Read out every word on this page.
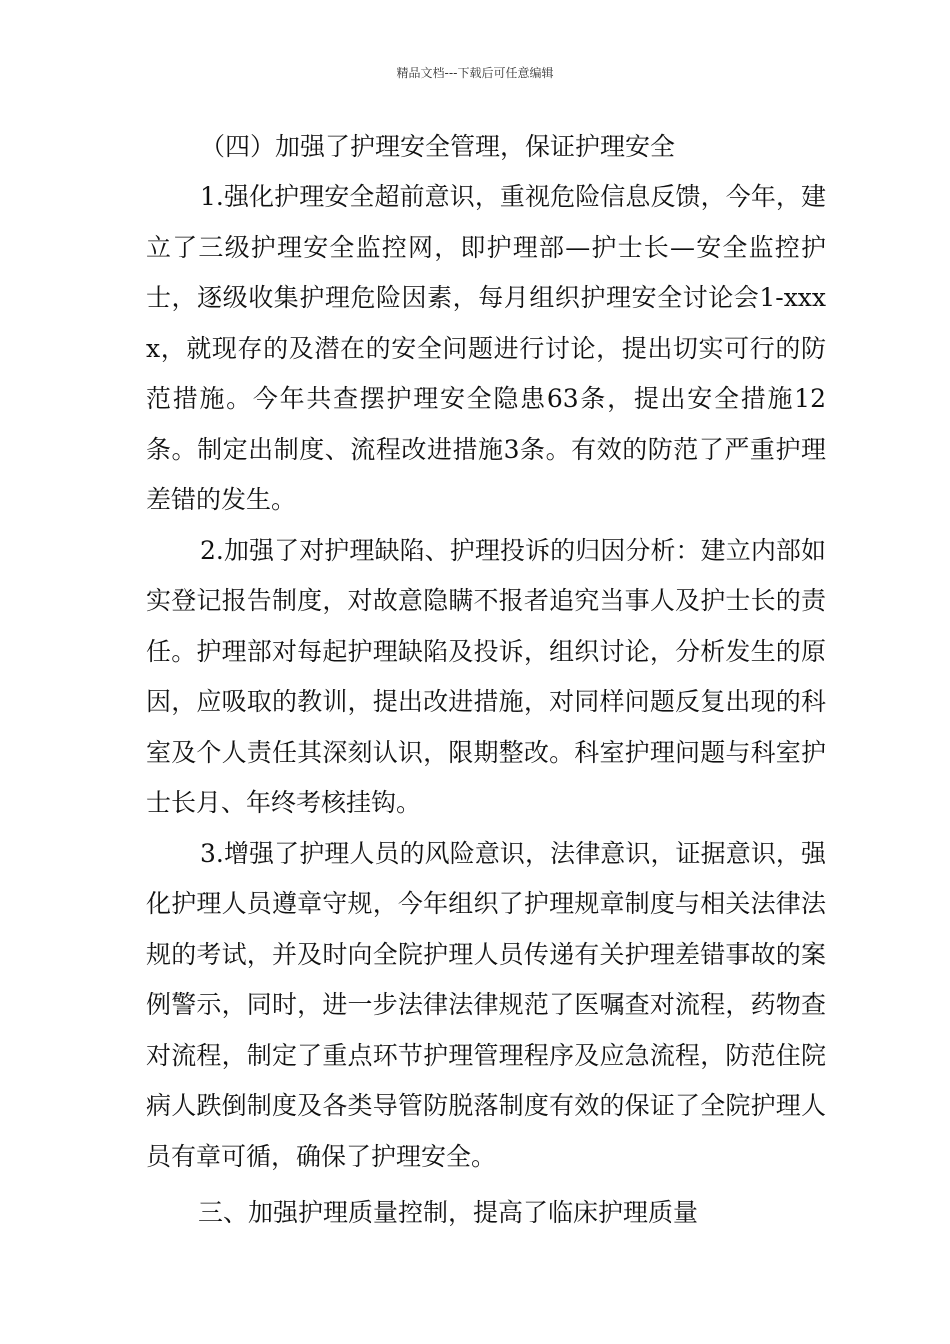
精品文档---下载后可任意编辑

（四）加强了护理安全管理，保证护理安全

1.强化护理安全超前意识，重视危险信息反馈，今年，建立了三级护理安全监控网，即护理部—护士长—安全监控护士，逐级收集护理危险因素，每月组织护理安全讨论会1-xxxx，就现存的及潜在的安全问题进行讨论，提出切实可行的防范措施。今年共查摆护理安全隐患63条，提出安全措施12条。制定出制度、流程改进措施3条。有效的防范了严重护理差错的发生。

2.加强了对护理缺陷、护理投诉的归因分析：建立内部如实登记报告制度，对故意隐瞒不报者追究当事人及护士长的责任。护理部对每起护理缺陷及投诉，组织讨论，分析发生的原因，应吸取的教训，提出改进措施，对同样问题反复出现的科室及个人责任其深刻认识，限期整改。科室护理问题与科室护士长月、年终考核挂钩。

3.增强了护理人员的风险意识，法律意识，证据意识，强化护理人员遵章守规，今年组织了护理规章制度与相关法律法规的考试，并及时向全院护理人员传递有关护理差错事故的案例警示，同时，进一步法律法律规范了医嘱查对流程，药物查对流程，制定了重点环节护理管理程序及应急流程，防范住院病人跌倒制度及各类导管防脱落制度有效的保证了全院护理人员有章可循，确保了护理安全。

三、加强护理质量控制，提高了临床护理质量
